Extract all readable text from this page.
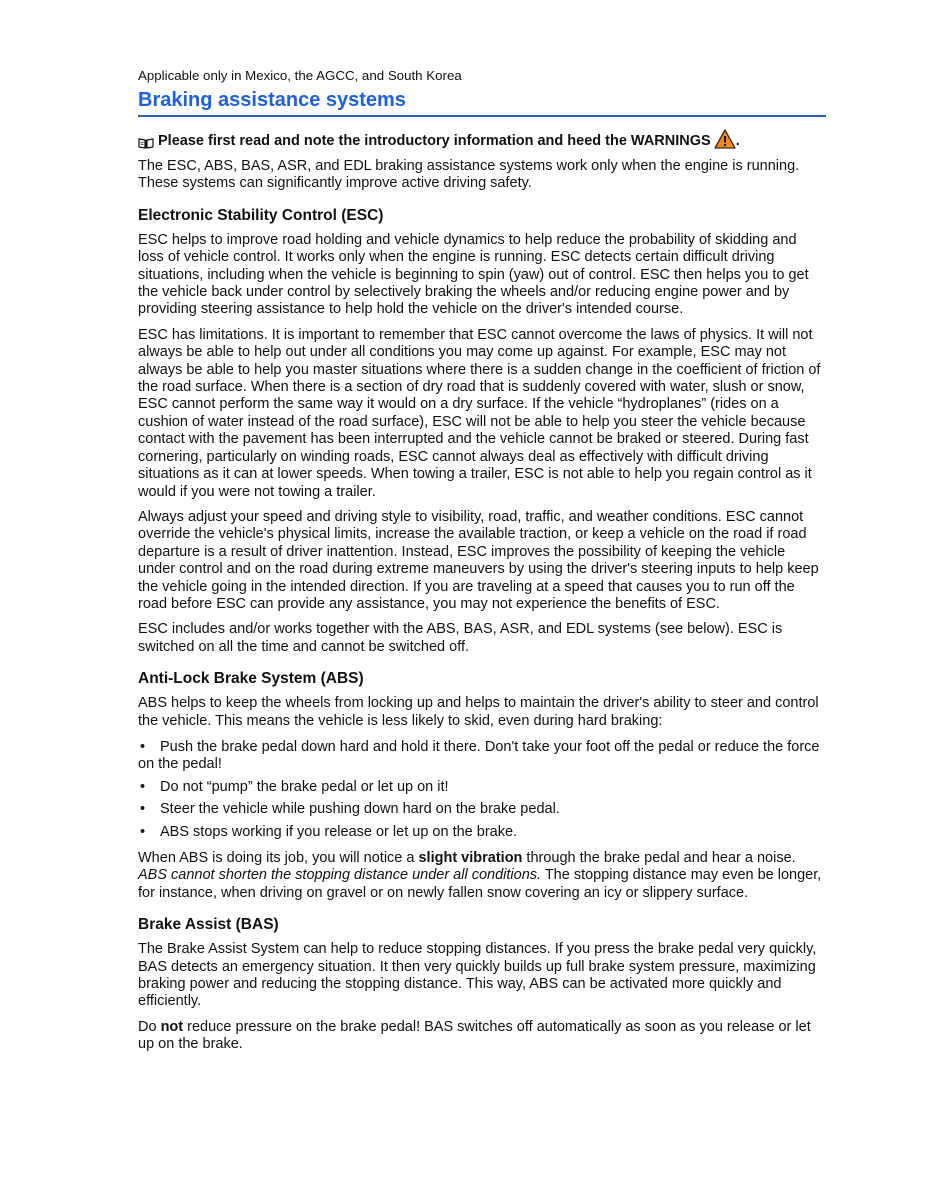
Applicable only in Mexico, the AGCC, and South Korea

Braking assistance systems
Please first read and note the introductory information and heed the WARNINGS .

The ESC, ABS, BAS, ASR, and EDL braking assistance systems work only when the engine is running. These systems can significantly improve active driving safety.

Electronic Stability Control (ESC)

ESC helps to improve road holding and vehicle dynamics to help reduce the probability of skidding and loss of vehicle control. It works only when the engine is running. ESC detects certain difficult driving situations, including when the vehicle is beginning to spin (yaw) out of control. ESC then helps you to get the vehicle back under control by selectively braking the wheels and/or reducing engine power and by providing steering assistance to help hold the vehicle on the driver's intended course.

ESC has limitations. It is important to remember that ESC cannot overcome the laws of physics. It will not always be able to help out under all conditions you may come up against. For example, ESC may not always be able to help you master situations where there is a sudden change in the coefficient of friction of the road surface. When there is a section of dry road that is suddenly covered with water, slush or snow, ESC cannot perform the same way it would on a dry surface. If the vehicle “hydroplanes” (rides on a cushion of water instead of the road surface), ESC will not be able to help you steer the vehicle because contact with the pavement has been interrupted and the vehicle cannot be braked or steered. During fast cornering, particularly on winding roads, ESC cannot always deal as effectively with difficult driving situations as it can at lower speeds. When towing a trailer, ESC is not able to help you regain control as it would if you were not towing a trailer.

Always adjust your speed and driving style to visibility, road, traffic, and weather conditions. ESC cannot override the vehicle's physical limits, increase the available traction, or keep a vehicle on the road if road departure is a result of driver inattention. Instead, ESC improves the possibility of keeping the vehicle under control and on the road during extreme maneuvers by using the driver's steering inputs to help keep the vehicle going in the intended direction. If you are traveling at a speed that causes you to run off the road before ESC can provide any assistance, you may not experience the benefits of ESC.

ESC includes and/or works together with the ABS, BAS, ASR, and EDL systems (see below). ESC is switched on all the time and cannot be switched off.

Anti-Lock Brake System (ABS)

ABS helps to keep the wheels from locking up and helps to maintain the driver's ability to steer and control the vehicle. This means the vehicle is less likely to skid, even during hard braking:

• Push the brake pedal down hard and hold it there. Don't take your foot off the pedal or reduce the force on the pedal!
• Do not “pump” the brake pedal or let up on it!
• Steer the vehicle while pushing down hard on the brake pedal.
• ABS stops working if you release or let up on the brake.

When ABS is doing its job, you will notice a slight vibration through the brake pedal and hear a noise. ABS cannot shorten the stopping distance under all conditions. The stopping distance may even be longer, for instance, when driving on gravel or on newly fallen snow covering an icy or slippery surface.

Brake Assist (BAS)

The Brake Assist System can help to reduce stopping distances. If you press the brake pedal very quickly, BAS detects an emergency situation. It then very quickly builds up full brake system pressure, maximizing braking power and reducing the stopping distance. This way, ABS can be activated more quickly and efficiently.

Do not reduce pressure on the brake pedal! BAS switches off automatically as soon as you release or let up on the brake.
